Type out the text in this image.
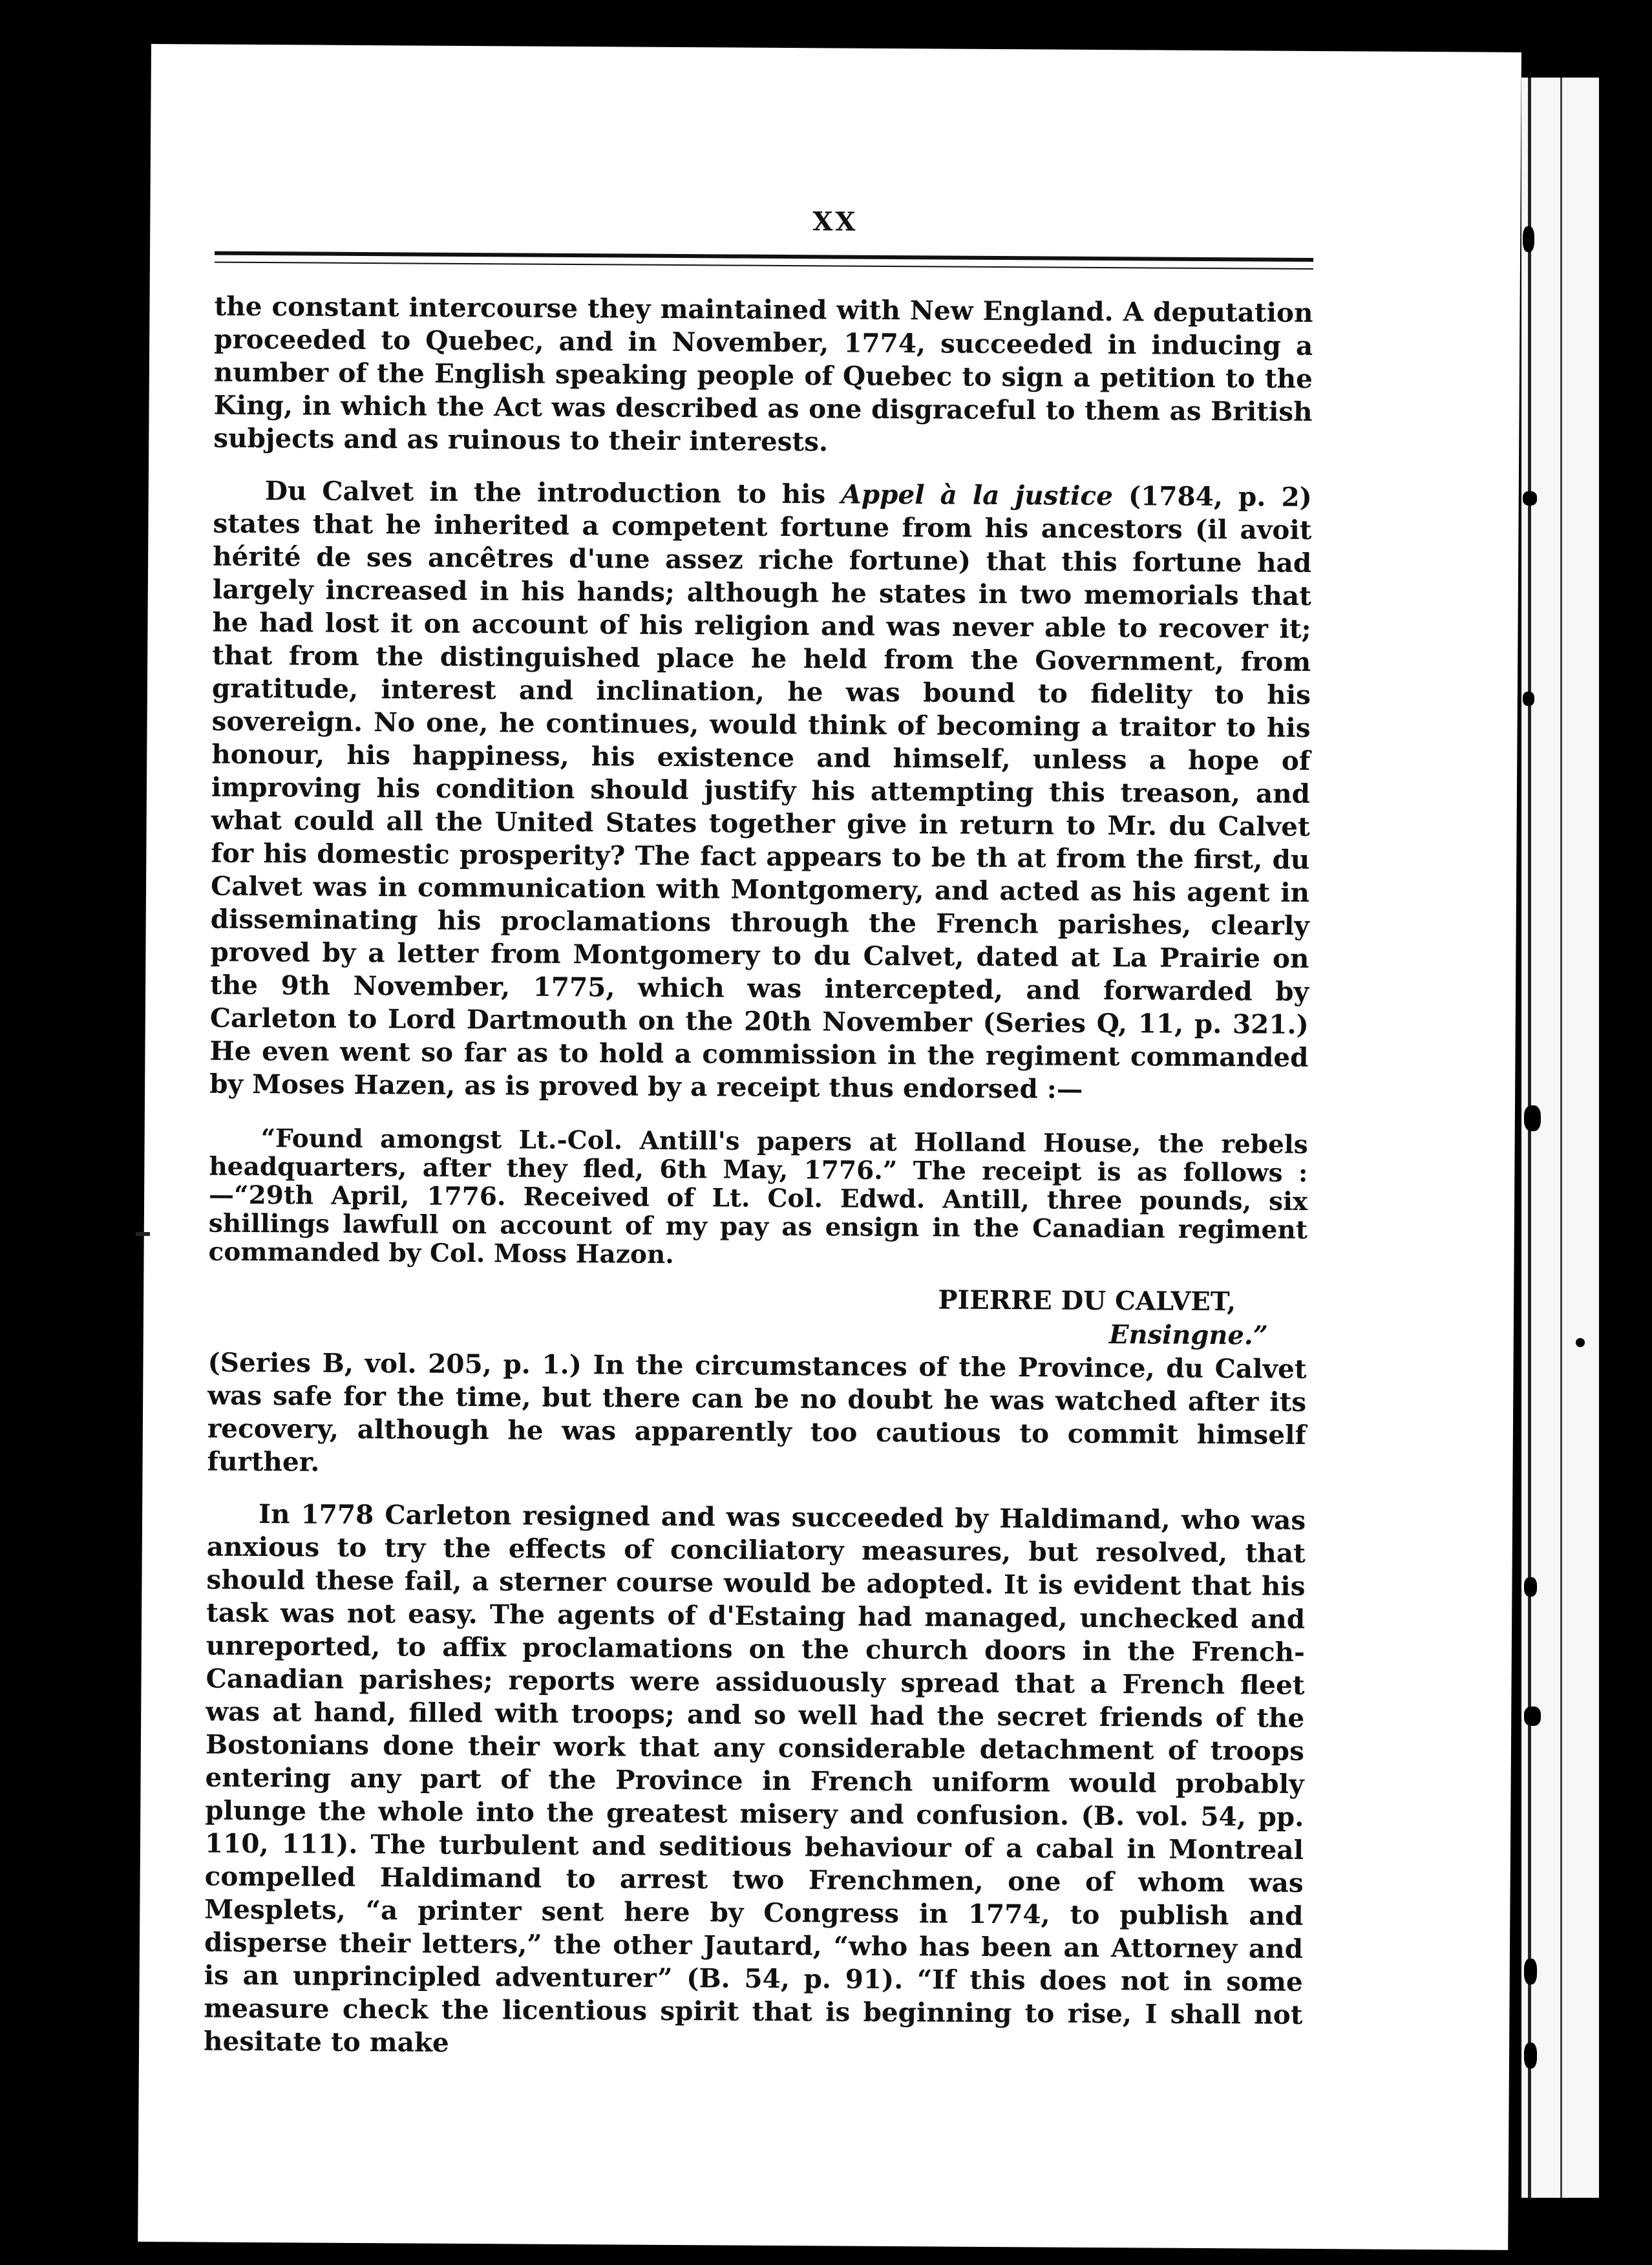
XX

the constant intercourse they maintained with New England. A deputation proceeded to Quebec, and in November, 1774, succeeded in inducing a number of the English speaking people of Quebec to sign a petition to the King, in which the Act was described as one disgraceful to them as British subjects and as ruinous to their interests.

Du Calvet in the introduction to his Appel à la justice (1784, p. 2) states that he inherited a competent fortune from his ancestors (il avoit hérité de ses ancêtres d'une assez riche fortune) that this fortune had largely increased in his hands; although he states in two memorials that he had lost it on account of his religion and was never able to recover it; that from the distinguished place he held from the Government, from gratitude, interest and inclination, he was bound to fidelity to his sovereign. No one, he continues, would think of becoming a traitor to his honour, his happiness, his existence and himself, unless a hope of improving his condition should justify his attempting this treason, and what could all the United States together give in return to Mr. du Calvet for his domestic prosperity? The fact appears to be th at from the first, du Calvet was in communication with Montgomery, and acted as his agent in disseminating his proclamations through the French parishes, clearly proved by a letter from Montgomery to du Calvet, dated at La Prairie on the 9th November, 1775, which was intercepted, and forwarded by Carleton to Lord Dartmouth on the 20th November (Series Q, 11, p. 321.) He even went so far as to hold a commission in the regiment commanded by Moses Hazen, as is proved by a receipt thus endorsed :—

“Found amongst Lt.-Col. Antill's papers at Holland House, the rebels headquarters, after they fled, 6th May, 1776.” The receipt is as follows :—“29th April, 1776. Received of Lt. Col. Edwd. Antill, three pounds, six shillings lawfull on account of my pay as ensign in the Canadian regiment commanded by Col. Moss Hazon.

PIERRE DU CALVET,
Ensingne.”

(Series B, vol. 205, p. 1.) In the circumstances of the Province, du Calvet was safe for the time, but there can be no doubt he was watched after its recovery, although he was apparently too cautious to commit himself further.

In 1778 Carleton resigned and was succeeded by Haldimand, who was anxious to try the effects of conciliatory measures, but resolved, that should these fail, a sterner course would be adopted. It is evident that his task was not easy. The agents of d'Estaing had managed, unchecked and unreported, to affix proclamations on the church doors in the French-Canadian parishes; reports were assiduously spread that a French fleet was at hand, filled with troops; and so well had the secret friends of the Bostonians done their work that any considerable detachment of troops entering any part of the Province in French uniform would probably plunge the whole into the greatest misery and confusion. (B. vol. 54, pp. 110, 111). The turbulent and seditious behaviour of a cabal in Montreal compelled Haldimand to arrest two Frenchmen, one of whom was Mesplets, “a printer sent here by Congress in 1774, to publish and disperse their letters,” the other Jautard, “who has been an Attorney and is an unprincipled adventurer” (B. 54, p. 91). “If this does not in some measure check the licentious spirit that is beginning to rise, I shall not hesitate to make
